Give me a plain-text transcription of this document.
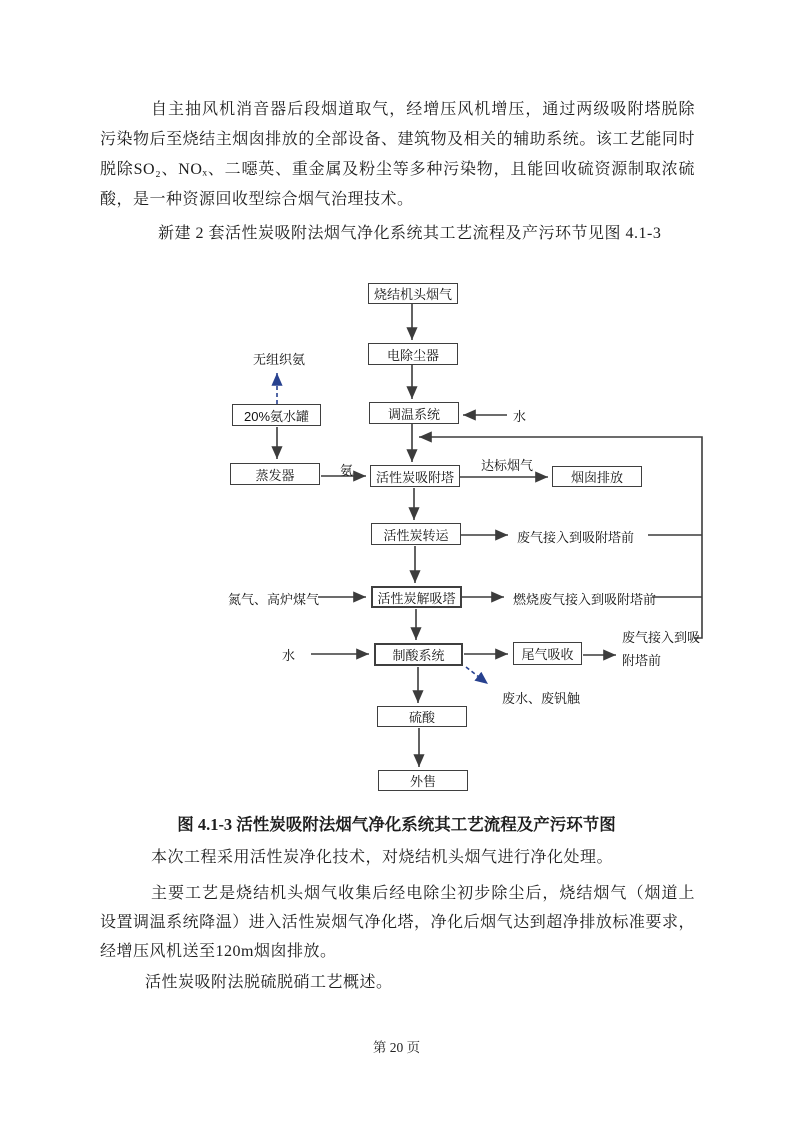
自主抽风机消音器后段烟道取气，经增压风机增压，通过两级吸附塔脱除污染物后至烧结主烟囱排放的全部设备、建筑物及相关的辅助系统。该工艺能同时脱除SO₂、NOₓ、二噁英、重金属及粉尘等多种污染物，且能回收硫资源制取浓硫酸，是一种资源回收型综合烟气治理技术。

新建 2 套活性炭吸附法烟气净化系统其工艺流程及产污环节见图 4.1-3

烧结机头烟气
电除尘器
调温系统
20%氨水罐
蒸发器	活性炭吸附塔	烟囱排放
活性炭转运
活性炭解吸塔
制酸系统	尾气吸收
硫酸
外售
无组织氨
水
氨	达标烟气
废气接入到吸附塔前
氮气、高炉煤气	燃烧废气接入到吸附塔前
水
废气接入到吸
附塔前
废水、废钒触

图 4.1-3 活性炭吸附法烟气净化系统其工艺流程及产污环节图

本次工程采用活性炭净化技术，对烧结机头烟气进行净化处理。

主要工艺是烧结机头烟气收集后经电除尘初步除尘后，烧结烟气（烟道上设置调温系统降温）进入活性炭烟气净化塔，净化后烟气达到超净排放标准要求，经增压风机送至120m烟囱排放。

活性炭吸附法脱硫脱硝工艺概述。

第 20 页
